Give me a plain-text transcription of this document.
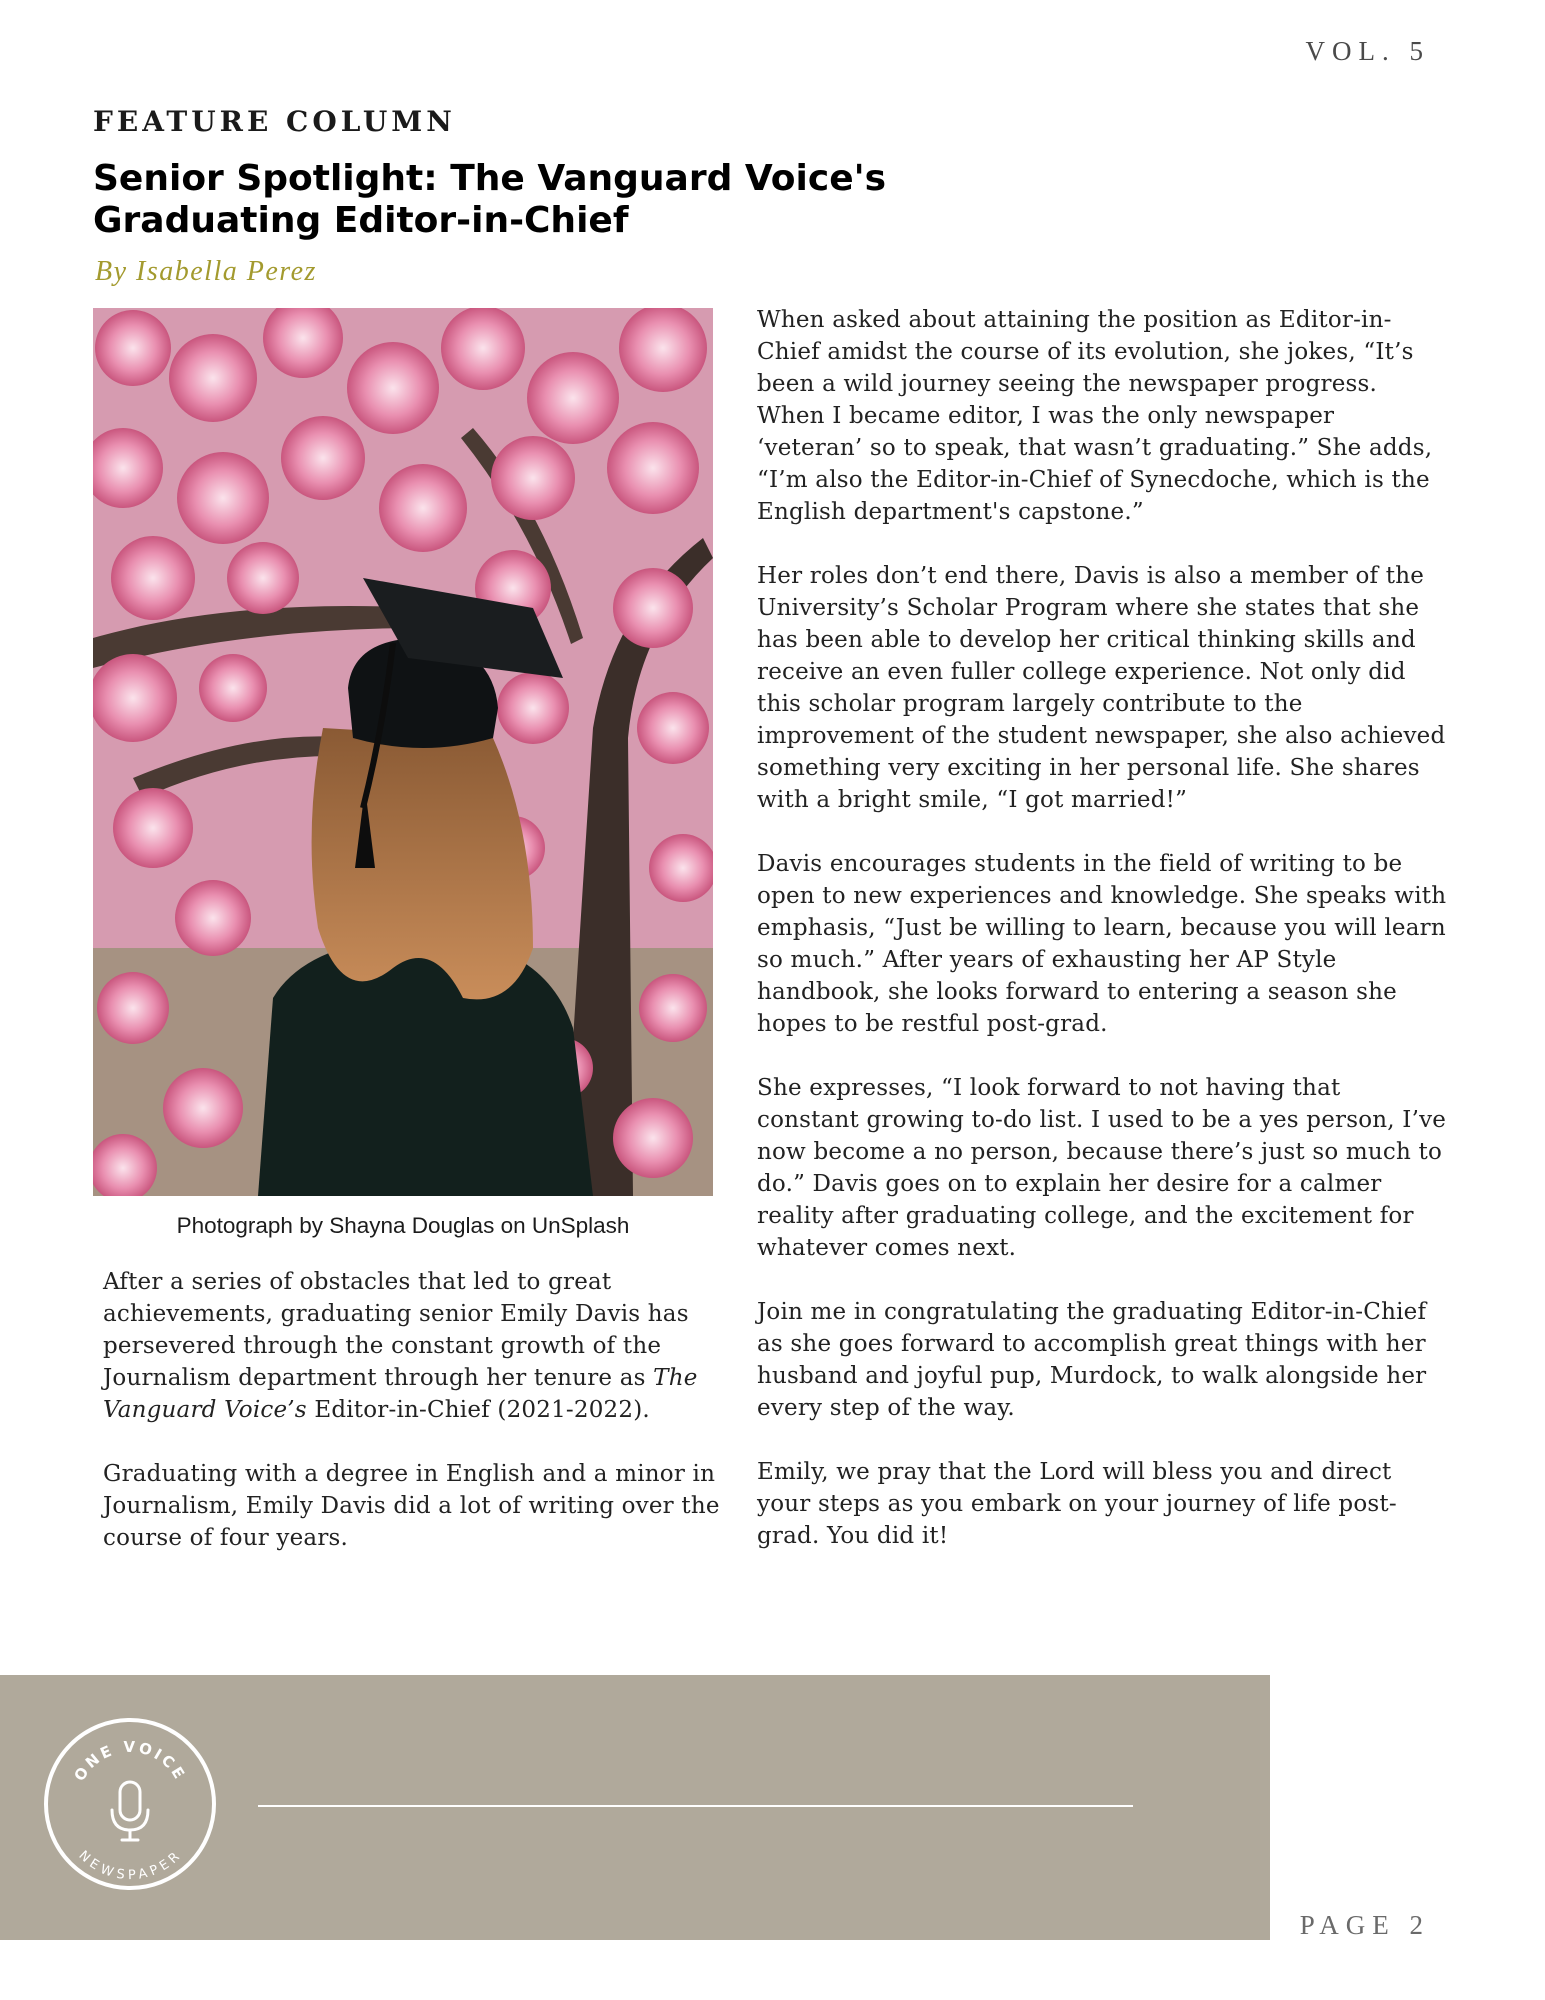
VOL. 5
FEATURE COLUMN
Senior Spotlight: The Vanguard Voice's Graduating Editor-in-Chief
By Isabella Perez
Photograph by Shayna Douglas on UnSplash

After a series of obstacles that led to great achievements, graduating senior Emily Davis has persevered through the constant growth of the Journalism department through her tenure as The Vanguard Voice’s Editor-in-Chief (2021-2022).

Graduating with a degree in English and a minor in Journalism, Emily Davis did a lot of writing over the course of four years.

When asked about attaining the position as Editor-in-Chief amidst the course of its evolution, she jokes, “It’s been a wild journey seeing the newspaper progress. When I became editor, I was the only newspaper ‘veteran’ so to speak, that wasn’t graduating.” She adds, “I’m also the Editor-in-Chief of Synecdoche, which is the English department's capstone.”

Her roles don’t end there, Davis is also a member of the University’s Scholar Program where she states that she has been able to develop her critical thinking skills and receive an even fuller college experience. Not only did this scholar program largely contribute to the improvement of the student newspaper, she also achieved something very exciting in her personal life. She shares with a bright smile, “I got married!”

Davis encourages students in the field of writing to be open to new experiences and knowledge. She speaks with emphasis, “Just be willing to learn, because you will learn so much.” After years of exhausting her AP Style handbook, she looks forward to entering a season she hopes to be restful post-grad.

She expresses, “I look forward to not having that constant growing to-do list. I used to be a yes person, I’ve now become a no person, because there’s just so much to do.” Davis goes on to explain her desire for a calmer reality after graduating college, and the excitement for whatever comes next.

Join me in congratulating the graduating Editor-in-Chief as she goes forward to accomplish great things with her husband and joyful pup, Murdock, to walk alongside her every step of the way.

Emily, we pray that the Lord will bless you and direct your steps as you embark on your journey of life post-grad. You did it!

ONE VOICE
NEWSPAPER
PAGE 2
